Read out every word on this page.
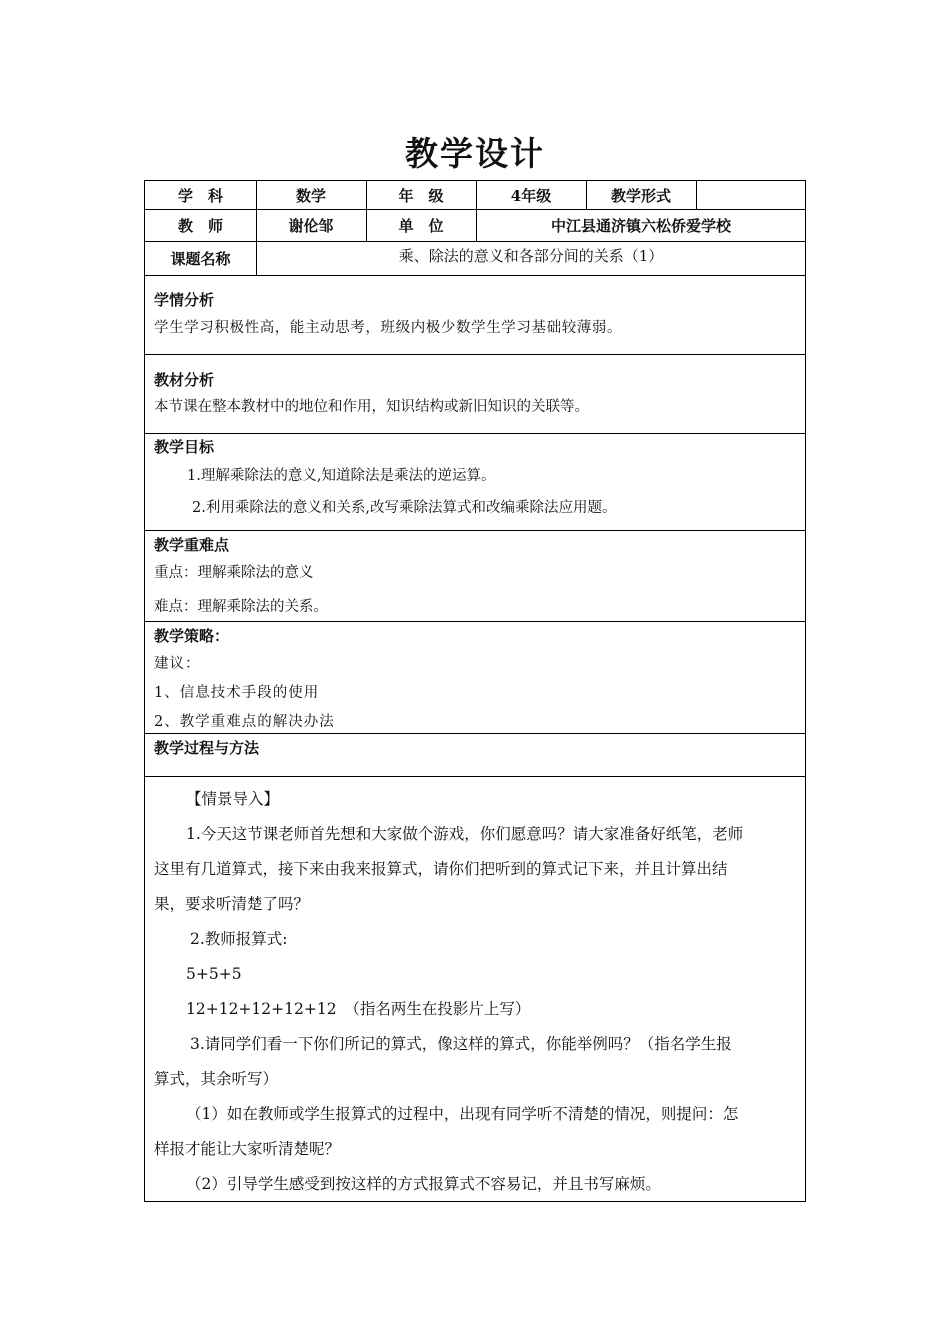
教学设计
学　科	数学	年　级	4年级	教学形式
教　师	谢伦邹	单　位	中江县通济镇六松侨爱学校
课题名称	乘、除法的意义和各部分间的关系（1）
学情分析
学生学习积极性高，能主动思考，班级内极少数学生学习基础较薄弱。
教材分析
本节课在整本教材中的地位和作用，知识结构或新旧知识的关联等。
教学目标
1.理解乘除法的意义,知道除法是乘法的逆运算。
2.利用乘除法的意义和关系,改写乘除法算式和改编乘除法应用题。
教学重难点
重点：理解乘除法的意义
难点：理解乘除法的关系。
教学策略：
建议：
1、信息技术手段的使用
2、教学重难点的解决办法
教学过程与方法
【情景导入】
1.今天这节课老师首先想和大家做个游戏，你们愿意吗？请大家准备好纸笔，老师
这里有几道算式，接下来由我来报算式，请你们把听到的算式记下来，并且计算出结
果，要求听清楚了吗？
2.教师报算式:
5+5+5
12+12+12+12+12　（指名两生在投影片上写）
3.请同学们看一下你们所记的算式，像这样的算式，你能举例吗？（指名学生报
算式，其余听写）
（1）如在教师或学生报算式的过程中，出现有同学听不清楚的情况，则提问：怎
样报才能让大家听清楚呢？
（2）引导学生感受到按这样的方式报算式不容易记，并且书写麻烦。
